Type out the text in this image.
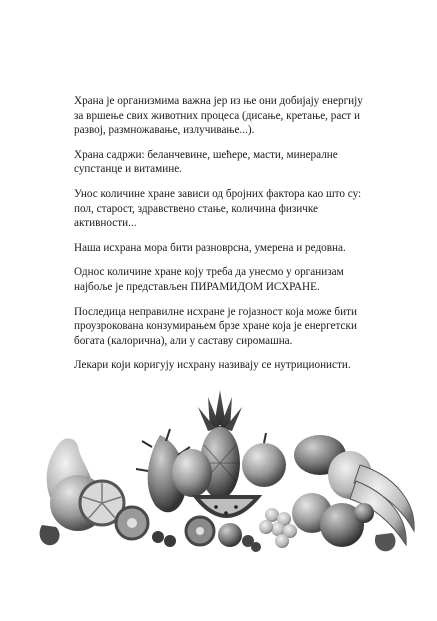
Храна је организмима важна јер из ње они добијају енергију за вршење свих животних процеса (дисање, кретање, раст и развој, размножавање, излучивање...).

Храна садржи: беланчевине, шећере, масти, минералне супстанце и витамине.

Унос количине хране зависи од бројних фактора као што су: пол, старост, здравствено стање, количина физичке активности...

Наша исхрана мора бити разноврсна, умерена и редовна.

Однос количине хране коју треба да унесмо у организам најбоље је представљен ПИРАМИДОМ ИСХРАНЕ.

Последица неправилне исхране је гојазност која може бити проузрокована конзумирањем брзе хране која је енергетски богата (калорична), али у саставу сиромашна.

Лекари који коригују исхрану називају се нутриционисти.
